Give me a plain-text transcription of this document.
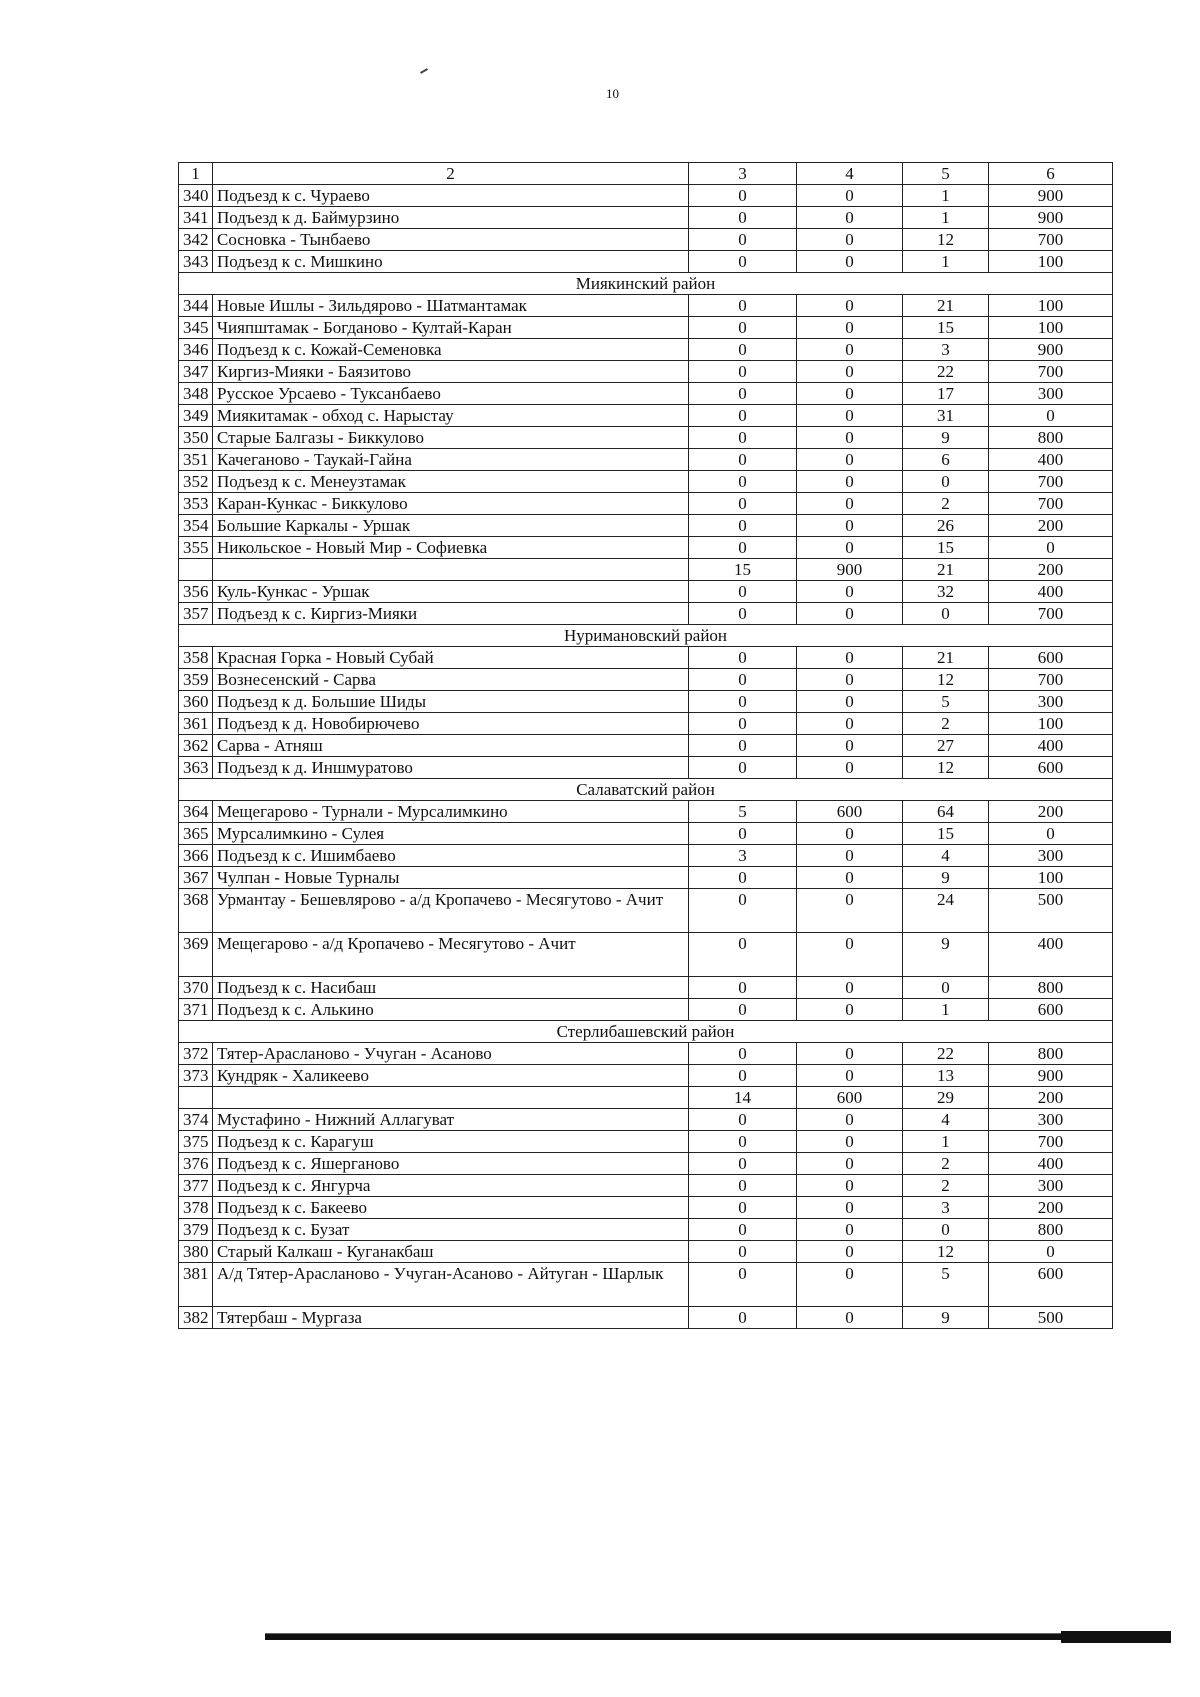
10
1	2	3	4	5	6
340	Подъезд к с. Чураево	0	0	1	900
341	Подъезд к д. Баймурзино	0	0	1	900
342	Сосновка - Тынбаево	0	0	12	700
343	Подъезд к с. Мишкино	0	0	1	100
Миякинский район					
344	Новые Ишлы - Зильдярово - Шатмантамак	0	0	21	100
345	Чияпштамак - Богданово - Култай-Каран	0	0	15	100
346	Подъезд к с. Кожай-Семеновка	0	0	3	900
347	Киргиз-Мияки - Баязитово	0	0	22	700
348	Русское Урсаево - Туксанбаево	0	0	17	300
349	Миякитамак - обход с. Нарыстау	0	0	31	0
350	Старые Балгазы - Биккулово	0	0	9	800
351	Качеганово - Таукай-Гайна	0	0	6	400
352	Подъезд к с. Менеузтамак	0	0	0	700
353	Каран-Кункас - Биккулово	0	0	2	700
354	Большие Каркалы - Уршак	0	0	26	200
355	Никольское - Новый Мир - Софиевка	0	0	15	0
		15	900	21	200
356	Куль-Кункас - Уршак	0	0	32	400
357	Подъезд к с. Киргиз-Мияки	0	0	0	700
Нуримановский район					
358	Красная Горка - Новый Субай	0	0	21	600
359	Вознесенский - Сарва	0	0	12	700
360	Подъезд к д. Большие Шиды	0	0	5	300
361	Подъезд к д. Новобирючево	0	0	2	100
362	Сарва - Атняш	0	0	27	400
363	Подъезд к д. Иншмуратово	0	0	12	600
Салаватский район					
364	Мещегарово - Турнали - Мурсалимкино	5	600	64	200
365	Мурсалимкино - Сулея	0	0	15	0
366	Подъезд к с. Ишимбаево	3	0	4	300
367	Чулпан - Новые Турналы	0	0	9	100
368	Урмантау - Бешевлярово - а/д Кропачево - Месягутово - Ачит	0	0	24	500
369	Мещегарово - а/д Кропачево - Месягутово - Ачит	0	0	9	400
370	Подъезд к с. Насибаш	0	0	0	800
371	Подъезд к с. Алькино	0	0	1	600
Стерлибашевский район					
372	Тятер-Арасланово - Учуган - Асаново	0	0	22	800
373	Кундряк - Халикеево	0	0	13	900
		14	600	29	200
374	Мустафино - Нижний Аллагуват	0	0	4	300
375	Подъезд к с. Карагуш	0	0	1	700
376	Подъезд к с. Яшерганово	0	0	2	400
377	Подъезд к с. Янгурча	0	0	2	300
378	Подъезд к с. Бакеево	0	0	3	200
379	Подъезд к с. Бузат	0	0	0	800
380	Старый Калкаш - Куганакбаш	0	0	12	0
381	А/д Тятер-Арасланово - Учуган-Асаново - Айтуган - Шарлык	0	0	5	600
382	Тятербаш - Мургаза	0	0	9	500
